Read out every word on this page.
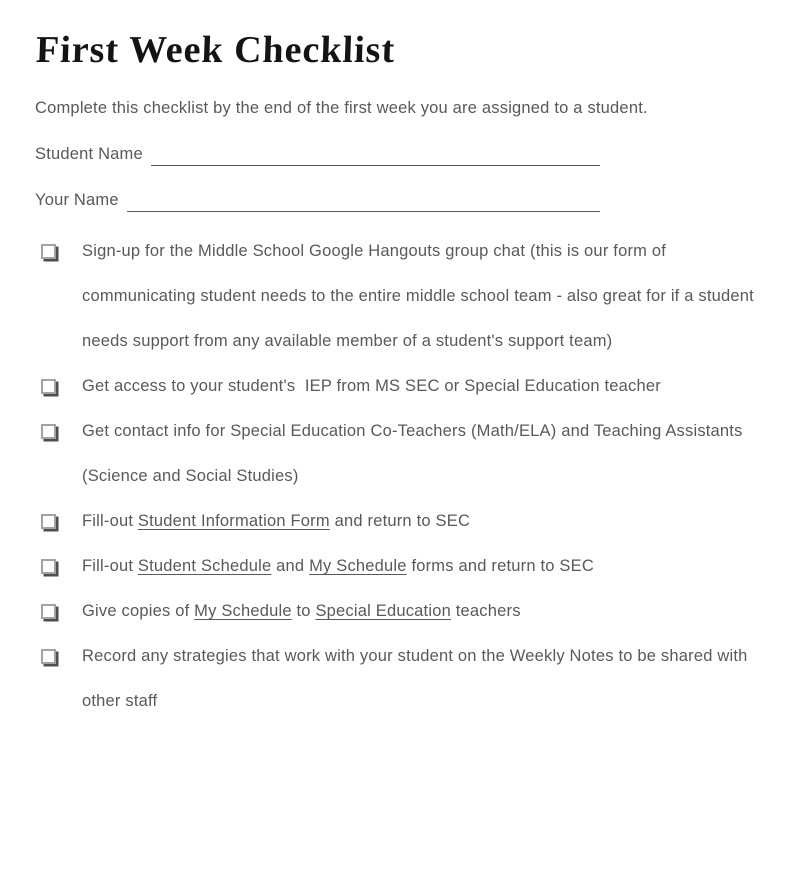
First Week Checklist

Complete this checklist by the end of the first week you are assigned to a student.

Student Name
Your Name
Sign-up for the Middle School Google Hangouts group chat (this is our form of communicating student needs to the entire middle school team - also great for if a student needs support from any available member of a student's support team)
Get access to your student's  IEP from MS SEC or Special Education teacher
Get contact info for Special Education Co-Teachers (Math/ELA) and Teaching Assistants (Science and Social Studies)
Fill-out Student Information Form and return to SEC
Fill-out Student Schedule and My Schedule forms and return to SEC
Give copies of My Schedule to Special Education teachers
Record any strategies that work with your student on the Weekly Notes to be shared with other staff
